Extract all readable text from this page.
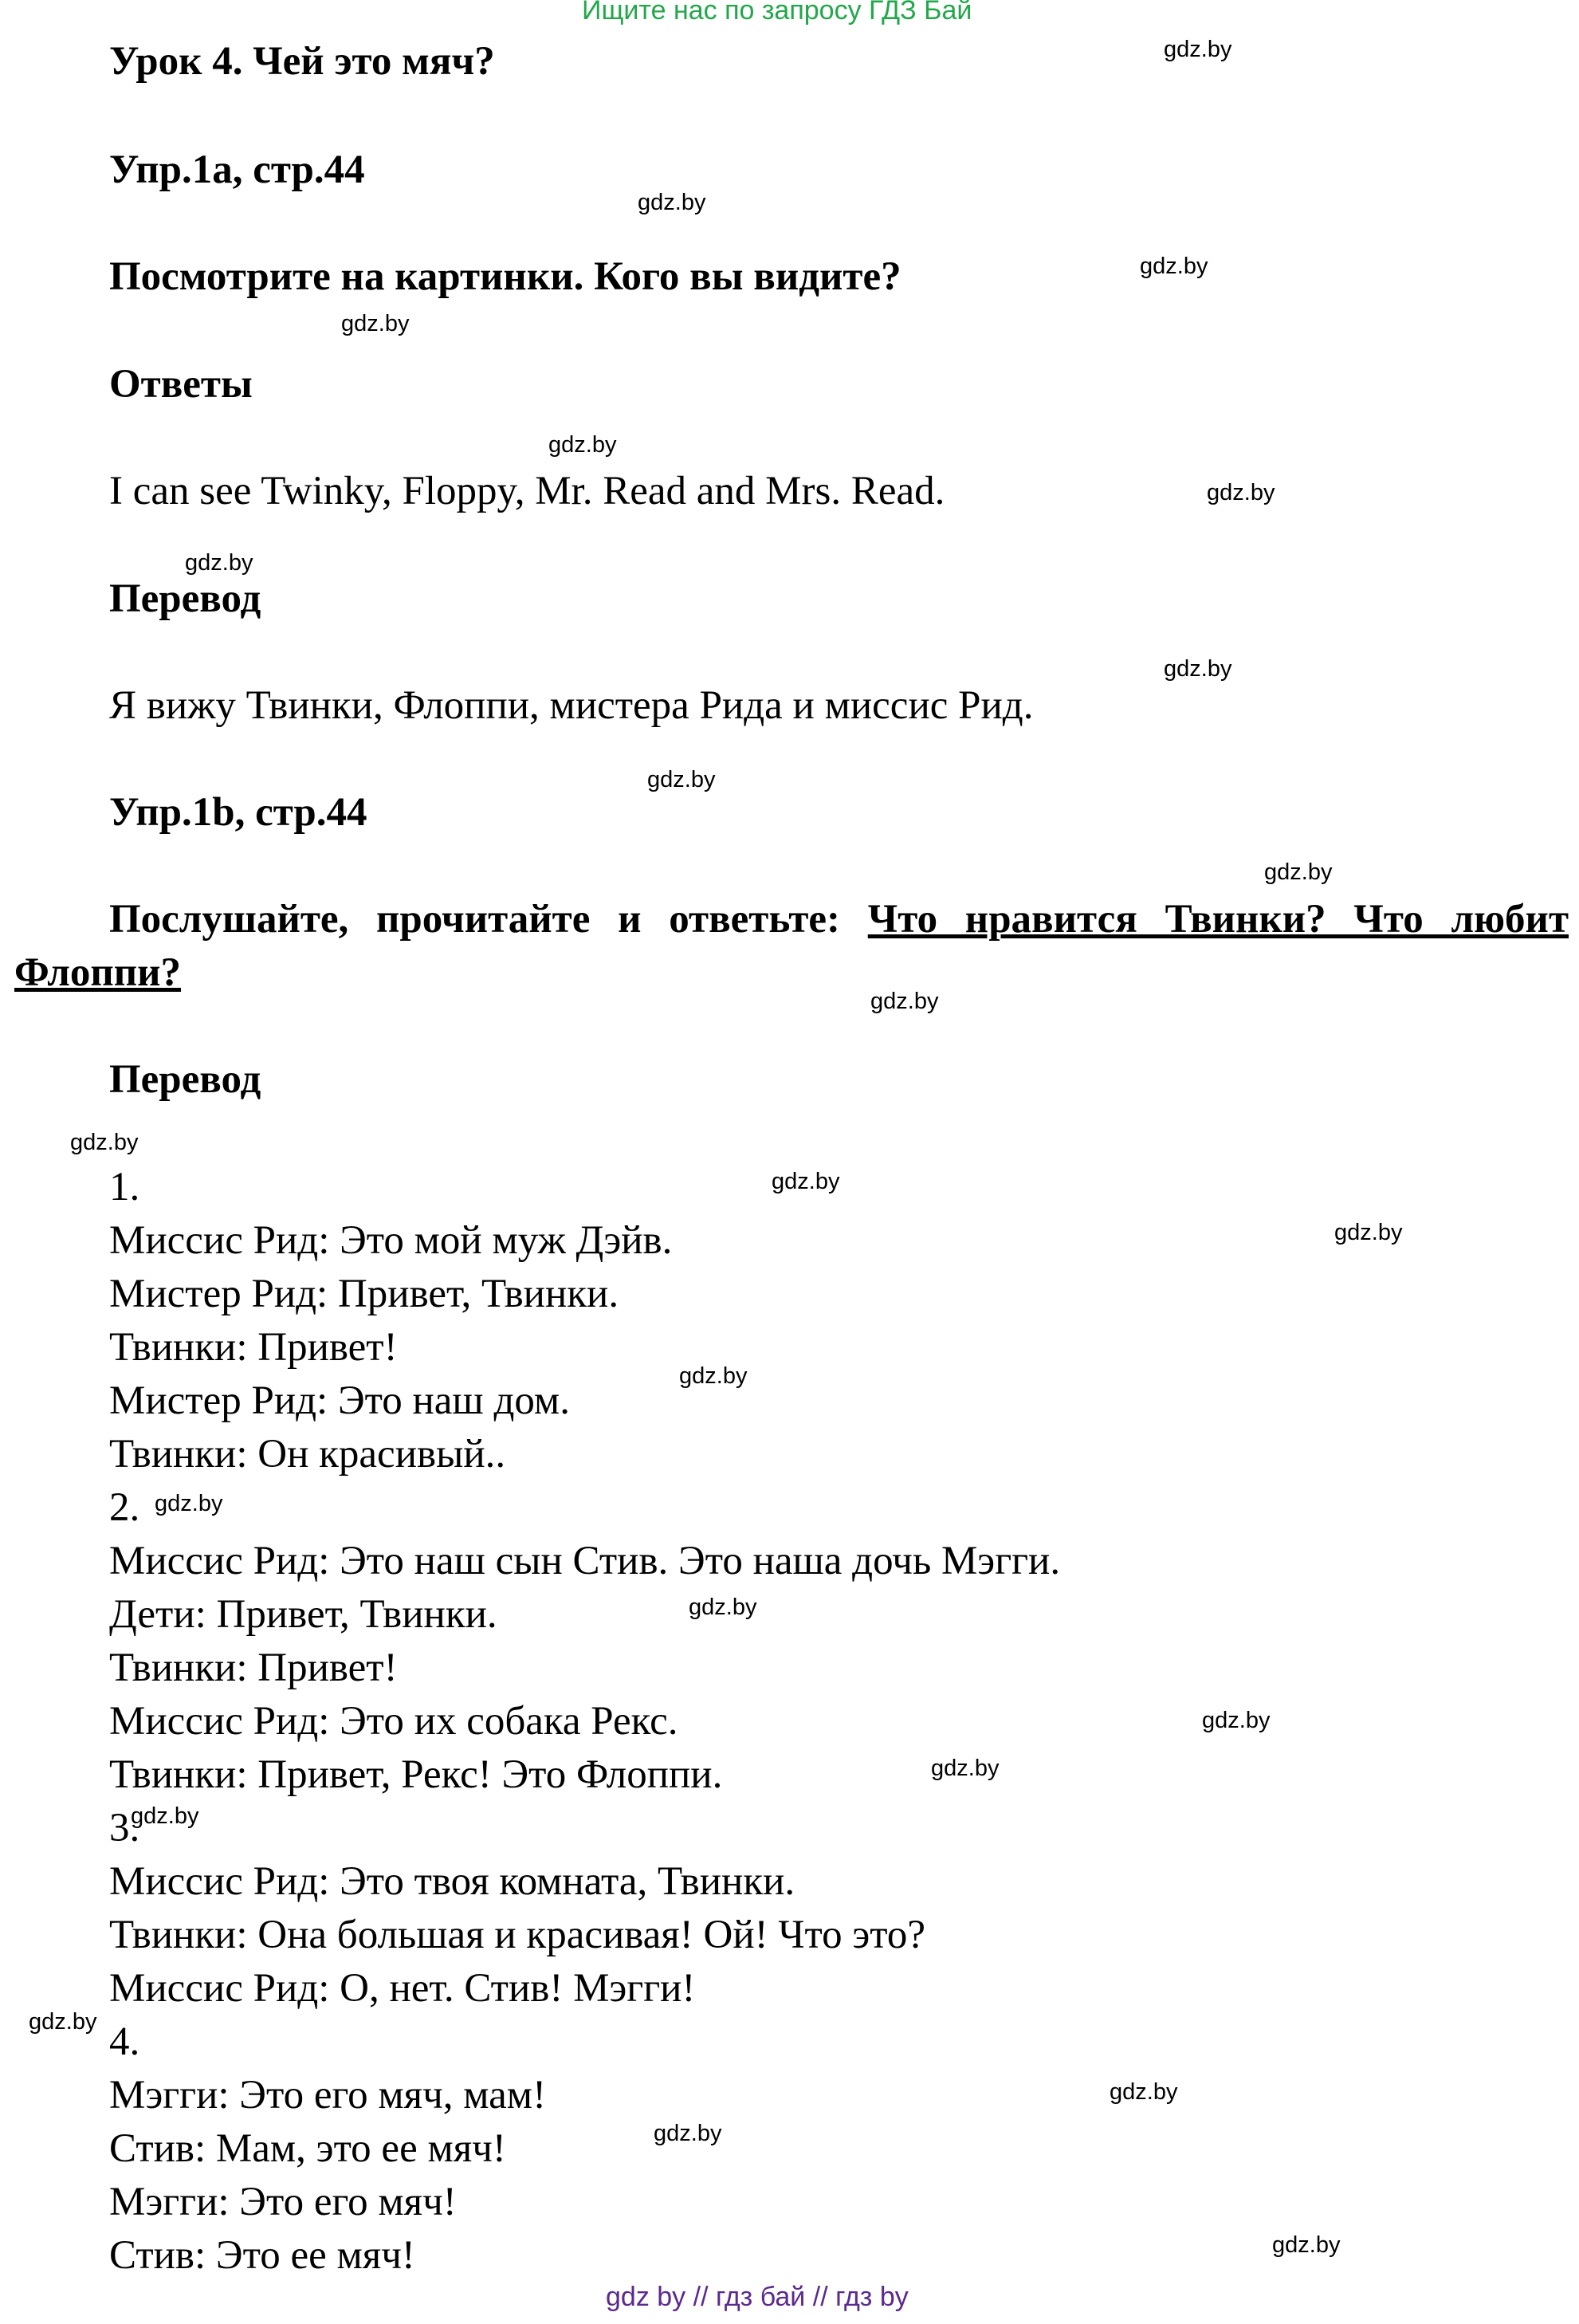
Ищите нас по запросу ГДЗ Бай
Урок 4. Чей это мяч?
Упр.1a, стр.44
Посмотрите на картинки. Кого вы видите?
Ответы
I can see Twinky, Floppy, Mr. Read and Mrs. Read.
Перевод
Я вижу Твинки, Флоппи, мистера Рида и миссис Рид.
Упр.1b, стр.44
Послушайте, прочитайте и ответьте: Что нравится Твинки? Что любит Флоппи?
Перевод
1.
Миссис Рид: Это мой муж Дэйв.
Мистер Рид: Привет, Твинки.
Твинки: Привет!
Мистер Рид: Это наш дом.
Твинки: Он красивый..
2.
Миссис Рид: Это наш сын Стив. Это наша дочь Мэгги.
Дети: Привет, Твинки.
Твинки: Привет!
Миссис Рид: Это их собака Рекс.
Твинки: Привет, Рекс! Это Флоппи.
3.
Миссис Рид: Это твоя комната, Твинки.
Твинки: Она большая и красивая! Ой! Что это?
Миссис Рид: О, нет. Стив! Мэгги!
4.
Мэгги: Это его мяч, мам!
Стив: Мам, это ее мяч!
Мэгги: Это его мяч!
Стив: Это ее мяч!
gdz.by
gdz.by
gdz.by
gdz.by
gdz.by
gdz.by
gdz.by
gdz.by
gdz.by
gdz.by
gdz.by
gdz.by
gdz.by
gdz.by
gdz.by
gdz.by
gdz.by
gdz.by
gdz.by
gdz.by
gdz.by
gdz.by
gdz.by
gdz.by
gdz by // гдз бай // гдз by
